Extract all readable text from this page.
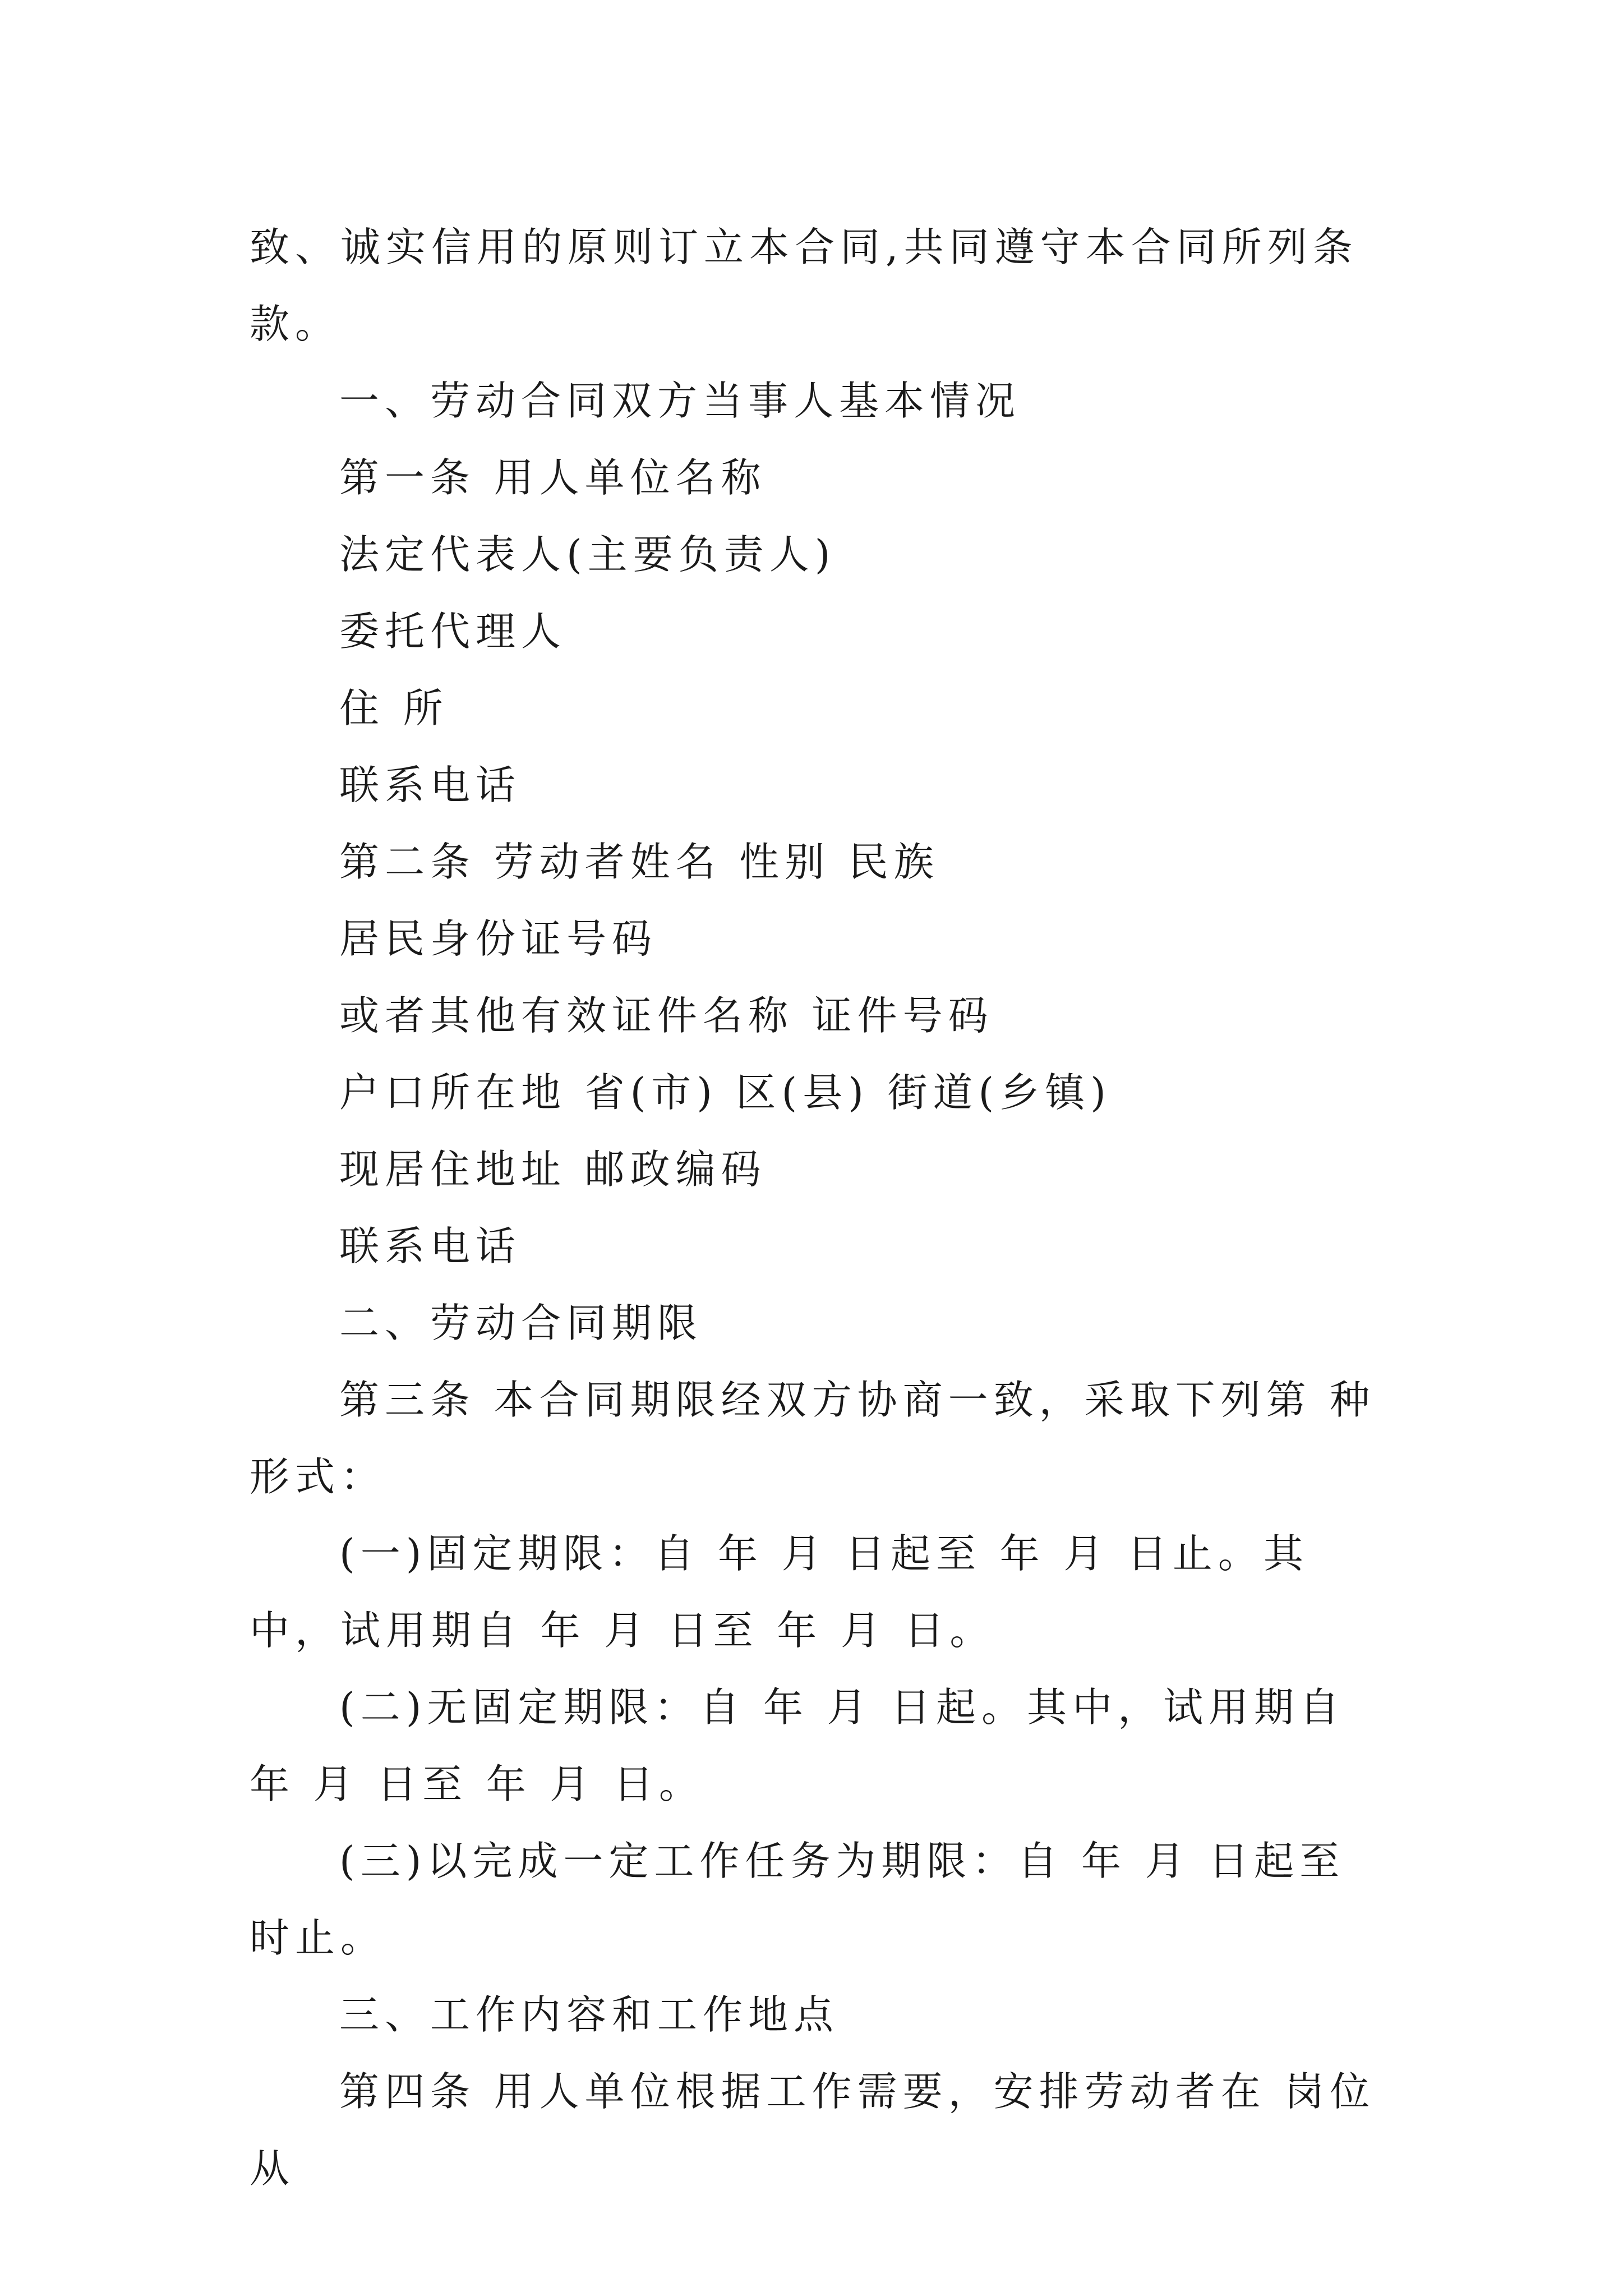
致、诚实信用的原则订立本合同,共同遵守本合同所列条款。

一、劳动合同双方当事人基本情况

第一条 用人单位名称

法定代表人(主要负责人)

委托代理人

住 所

联系电话

第二条 劳动者姓名 性别 民族

居民身份证号码

或者其他有效证件名称 证件号码

户口所在地 省(市) 区(县) 街道(乡镇)

现居住地址 邮政编码

联系电话

二、劳动合同期限

第三条 本合同期限经双方协商一致，采取下列第 种形式：

(一)固定期限：自 年 月 日起至 年 月 日止。其中，试用期自 年 月 日至 年 月 日。

(二)无固定期限：自 年 月 日起。其中，试用期自 年 月 日至 年 月 日。

(三)以完成一定工作任务为期限：自 年 月 日起至 时止。

三、工作内容和工作地点

第四条 用人单位根据工作需要，安排劳动者在 岗位从
